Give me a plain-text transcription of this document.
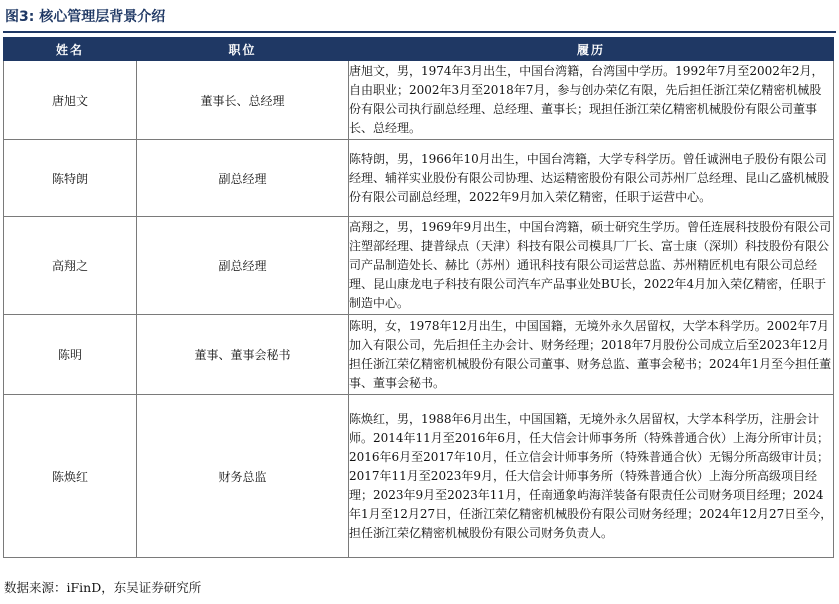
图3: 核心管理层背景介绍
姓名	职位	履历
唐旭文	董事长、总经理	唐旭文，男，1974年3月出生，中国台湾籍，台湾国中学历。1992年7月至2002年2月，自由职业；2002年3月至2018年7月，参与创办荣亿有限，先后担任浙江荣亿精密机械股份有限公司执行副总经理、总经理、董事长；现担任浙江荣亿精密机械股份有限公司董事长、总经理。
陈特朗	副总经理	陈特朗，男，1966年10月出生，中国台湾籍，大学专科学历。曾任诚洲电子股份有限公司经理、辅祥实业股份有限公司协理、达运精密股份有限公司苏州厂总经理、昆山乙盛机械股份有限公司副总经理，2022年9月加入荣亿精密，任职于运营中心。
高翔之	副总经理	高翔之，男，1969年9月出生，中国台湾籍，硕士研究生学历。曾任连展科技股份有限公司注塑部经理、捷普绿点（天津）科技有限公司模具厂厂长、富士康（深圳）科技股份有限公司产品制造处长、赫比（苏州）通讯科技有限公司运营总监、苏州精匠机电有限公司总经理、昆山康龙电子科技有限公司汽车产品事业处BU长，2022年4月加入荣亿精密，任职于制造中心。
陈明	董事、董事会秘书	陈明，女，1978年12月出生，中国国籍，无境外永久居留权，大学本科学历。2002年7月加入有限公司，先后担任主办会计、财务经理；2018年7月股份公司成立后至2023年12月担任浙江荣亿精密机械股份有限公司董事、财务总监、董事会秘书；2024年1月至今担任董事、董事会秘书。
陈焕红	财务总监	陈焕红，男，1988年6月出生，中国国籍，无境外永久居留权，大学本科学历，注册会计师。2014年11月至2016年6月，任大信会计师事务所（特殊普通合伙）上海分所审计员；2016年6月至2017年10月，任立信会计师事务所（特殊普通合伙）无锡分所高级审计员；2017年11月至2023年9月，任大信会计师事务所（特殊普通合伙）上海分所高级项目经理；2023年9月至2023年11月，任南通象屿海洋装备有限责任公司财务项目经理；2024年1月至12月27日，任浙江荣亿精密机械股份有限公司财务经理；2024年12月27日至今，担任浙江荣亿精密机械股份有限公司财务负责人。
数据来源：iFinD，东吴证券研究所
